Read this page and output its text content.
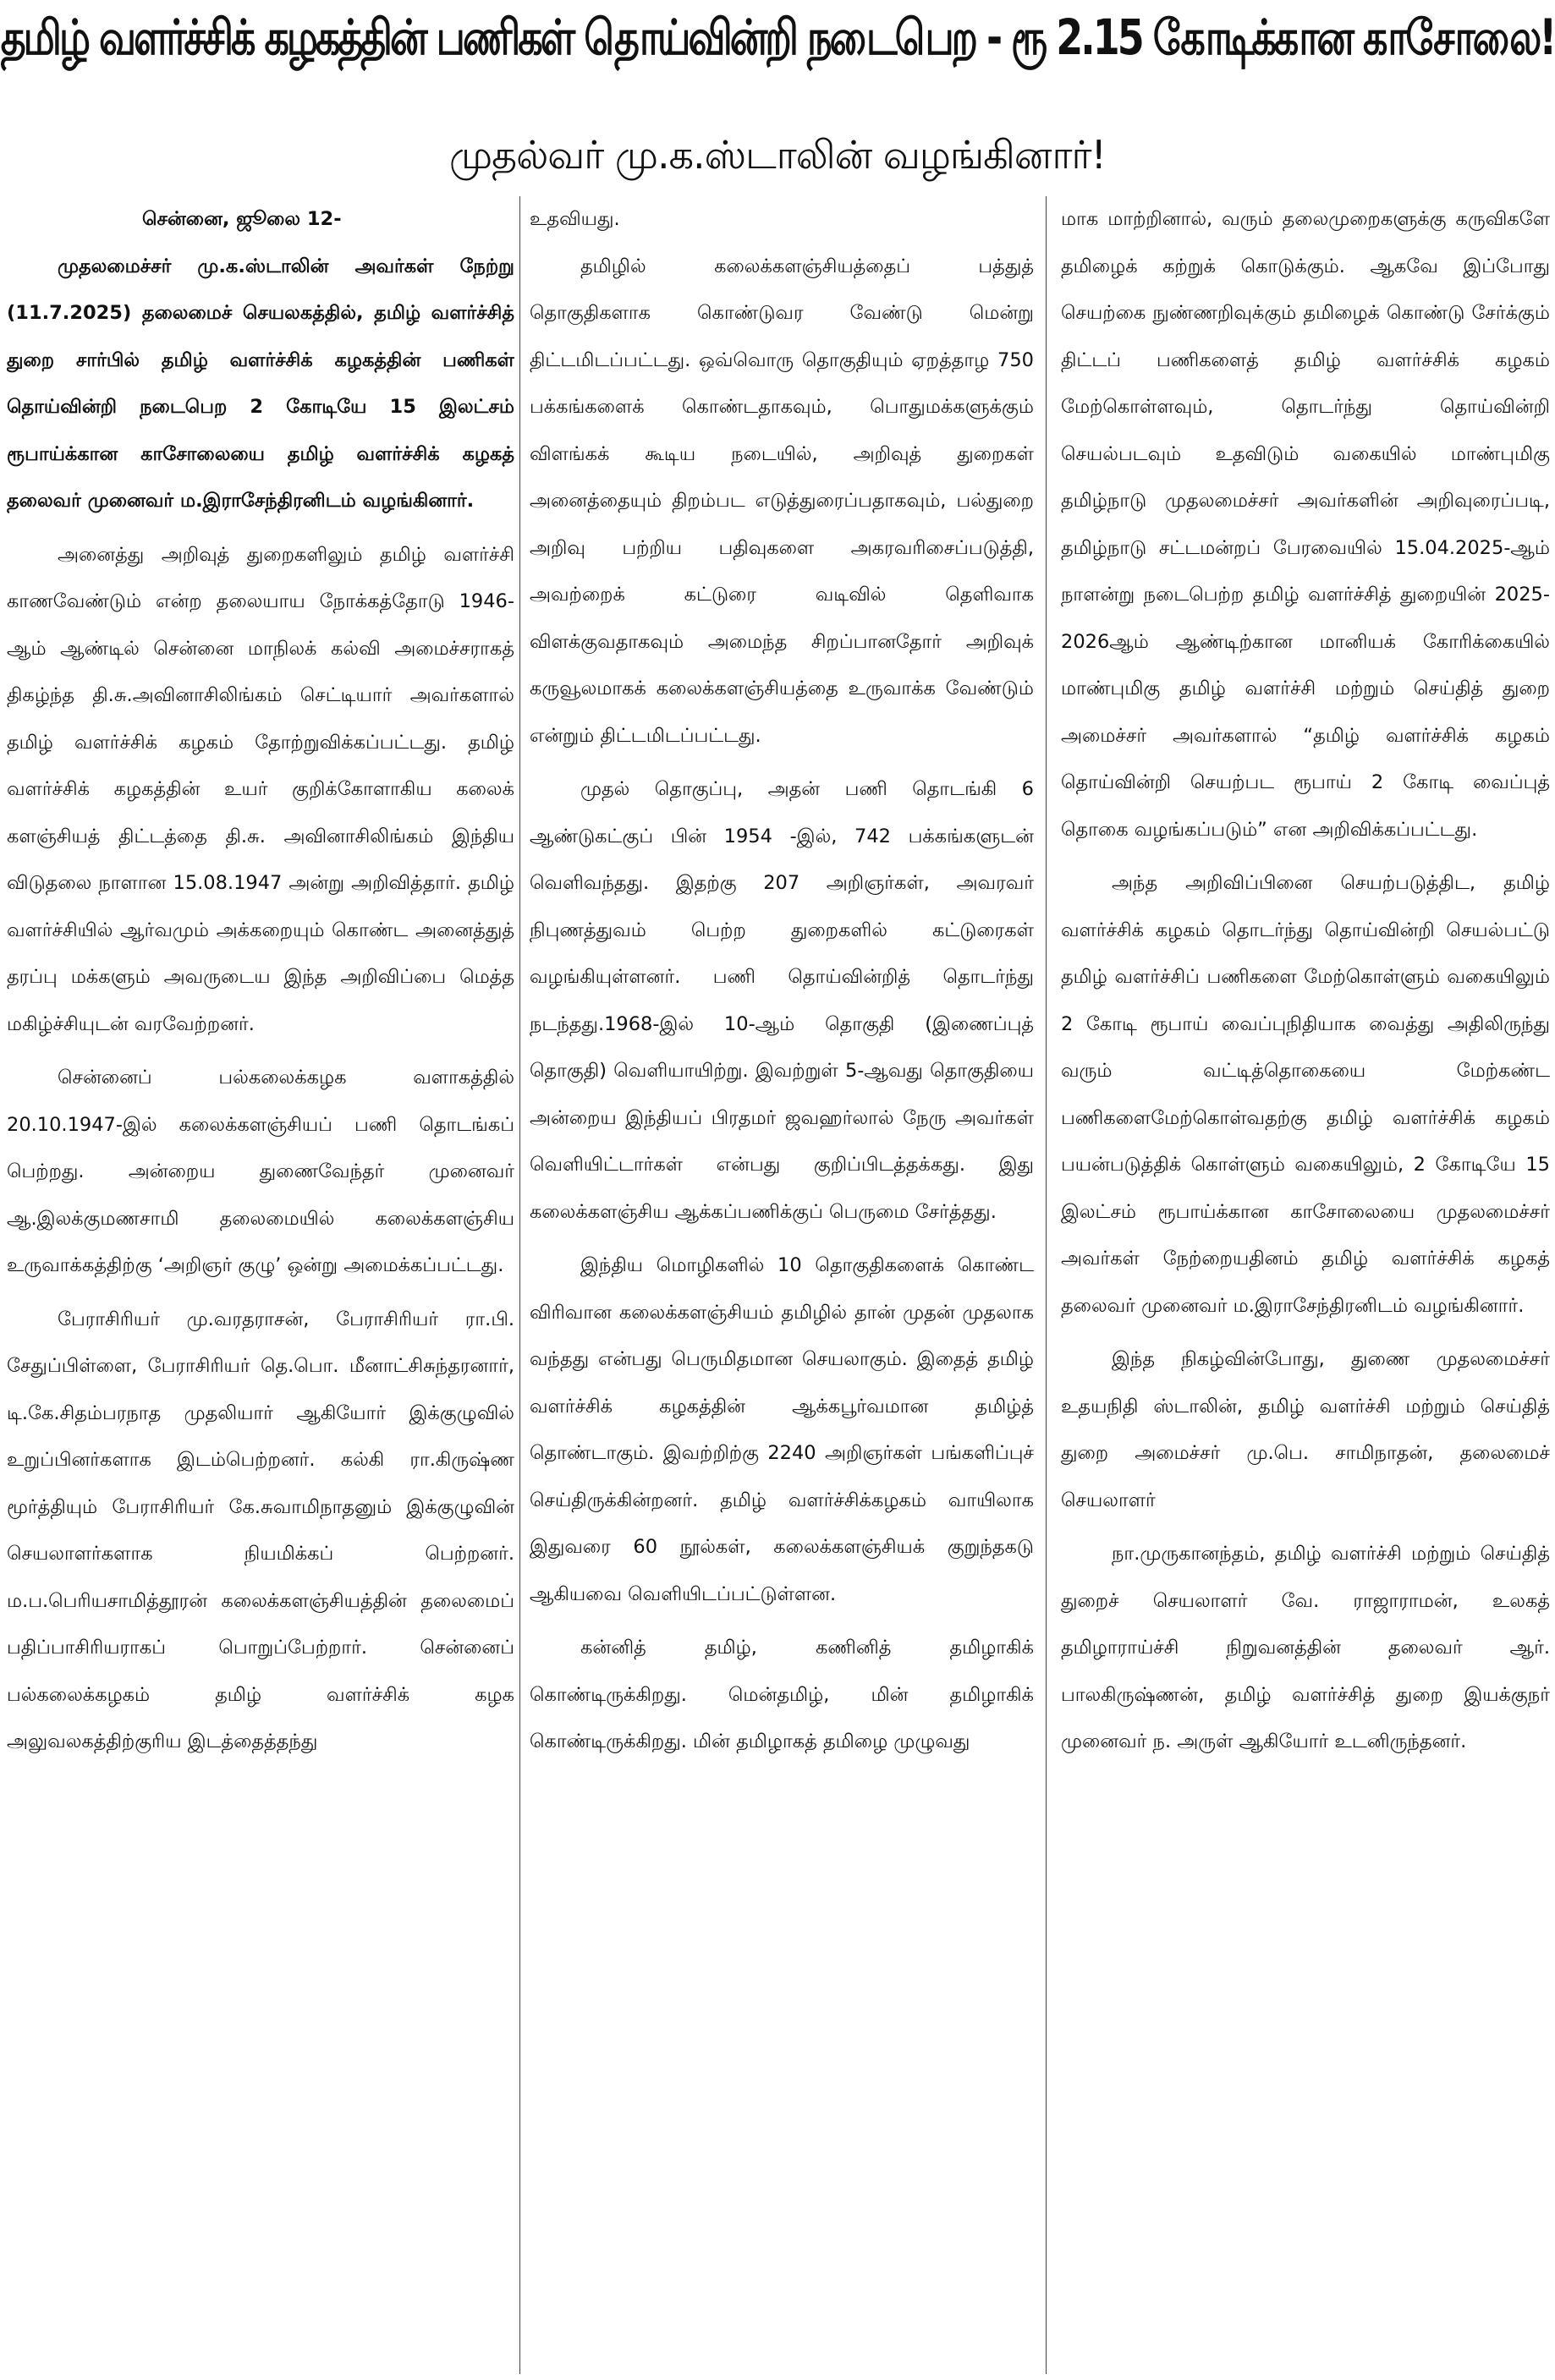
தமிழ் வளர்ச்சிக் கழகத்தின் பணிகள் தொய்வின்றி நடைபெற - ரூ 2.15 கோடிக்கான காசோலை!
முதல்வர் மு.க.ஸ்டாலின் வழங்கினார்!

சென்னை, ஜூலை 12-

முதலமைச்சர் மு.க.ஸ்டாலின் அவர்கள் நேற்று (11.7.2025) தலைமைச் செயலகத்தில், தமிழ் வளர்ச்சித் துறை சார்பில் தமிழ் வளர்ச்சிக் கழகத்தின் பணிகள் தொய்வின்றி நடைபெற 2 கோடியே 15 இலட்சம் ரூபாய்க்கான காசோலையை தமிழ் வளர்ச்சிக் கழகத் தலைவர் முனைவர் ம.இராசேந்திரனிடம் வழங்கினார்.

அனைத்து அறிவுத் துறைகளிலும் தமிழ் வளர்ச்சி காணவேண்டும் என்ற தலையாய நோக்கத்தோடு 1946-ஆம் ஆண்டில் சென்னை மாநிலக் கல்வி அமைச்சராகத் திகழ்ந்த தி.சு.அவினாசிலிங்கம் செட்டியார் அவர்களால் தமிழ் வளர்ச்சிக் கழகம் தோற்றுவிக்கப்பட்டது. தமிழ் வளர்ச்சிக் கழகத்தின் உயர் குறிக்கோளாகிய கலைக் களஞ்சியத் திட்டத்தை தி.சு. அவினாசிலிங்கம் இந்திய விடுதலை நாளான 15.08.1947 அன்று அறிவித்தார். தமிழ் வளர்ச்சியில் ஆர்வமும் அக்கறையும் கொண்ட அனைத்துத் தரப்பு மக்களும் அவருடைய இந்த அறிவிப்பை மெத்த மகிழ்ச்சியுடன் வரவேற்றனர்.

சென்னைப் பல்கலைக்கழக வளாகத்தில் 20.10.1947-இல் கலைக்களஞ்சியப் பணி தொடங்கப் பெற்றது. அன்றைய துணைவேந்தர் முனைவர் ஆ.இலக்குமணசாமி தலைமையில் கலைக்களஞ்சிய உருவாக்கத்திற்கு ‘அறிஞர் குழு’ ஒன்று அமைக்கப்பட்டது.

பேராசிரியர் மு.வரதராசன், பேராசிரியர் ரா.பி. சேதுப்பிள்ளை, பேராசிரியர் தெ.பொ. மீனாட்சிசுந்தரனார், டி.கே.சிதம்பரநாத முதலியார் ஆகியோர் இக்குழுவில் உறுப்பினர்களாக இடம்பெற்றனர். கல்கி ரா.கிருஷ்ண மூர்த்தியும் பேராசிரியர் கே.சுவாமிநாதனும் இக்குழுவின் செயலாளர்களாக நியமிக்கப் பெற்றனர். ம.ப.பெரியசாமித்தூரன் கலைக்களஞ்சியத்தின் தலைமைப் பதிப்பாசிரியராகப் பொறுப்பேற்றார். சென்னைப் பல்கலைக்கழகம் தமிழ் வளர்ச்சிக் கழக அலுவலகத்திற்குரிய இடத்தைத்தந்து

உதவியது.

தமிழில் கலைக்களஞ்சியத்தைப் பத்துத் தொகுதிகளாக கொண்டுவர வேண்டு மென்று திட்டமிடப்பட்டது. ஒவ்வொரு தொகுதியும் ஏறத்தாழ 750 பக்கங்களைக் கொண்டதாகவும், பொதுமக்களுக்கும் விளங்கக் கூடிய நடையில், அறிவுத் துறைகள் அனைத்தையும் திறம்பட எடுத்துரைப்பதாகவும், பல்துறை அறிவு பற்றிய பதிவுகளை அகரவரிசைப்படுத்தி, அவற்றைக் கட்டுரை வடிவில் தெளிவாக விளக்குவதாகவும் அமைந்த சிறப்பானதோர் அறிவுக் கருவூலமாகக் கலைக்களஞ்சியத்தை உருவாக்க வேண்டும் என்றும் திட்டமிடப்பட்டது.

முதல் தொகுப்பு, அதன் பணி தொடங்கி 6 ஆண்டுகட்குப் பின் 1954 -இல், 742 பக்கங்களுடன் வெளிவந்தது. இதற்கு 207 அறிஞர்கள், அவரவர் நிபுணத்துவம் பெற்ற துறைகளில் கட்டுரைகள் வழங்கியுள்ளனர். பணி தொய்வின்றித் தொடர்ந்து நடந்தது.1968-இல் 10-ஆம் தொகுதி (இணைப்புத் தொகுதி) வெளியாயிற்று. இவற்றுள் 5-ஆவது தொகுதியை அன்றைய இந்தியப் பிரதமர் ஜவஹர்லால் நேரு அவர்கள் வெளியிட்டார்கள் என்பது குறிப்பிடத்தக்கது. இது கலைக்களஞ்சிய ஆக்கப்பணிக்குப் பெருமை சேர்த்தது.

இந்திய மொழிகளில் 10 தொகுதிகளைக் கொண்ட விரிவான கலைக்களஞ்சியம் தமிழில் தான் முதன் முதலாக வந்தது என்பது பெருமிதமான செயலாகும். இதைத் தமிழ் வளர்ச்சிக் கழகத்தின் ஆக்கபூர்வமான தமிழ்த் தொண்டாகும். இவற்றிற்கு 2240 அறிஞர்கள் பங்களிப்புச் செய்திருக்கின்றனர். தமிழ் வளர்ச்சிக்கழகம் வாயிலாக இதுவரை 60 நூல்கள், கலைக்களஞ்சியக் குறுந்தகடு ஆகியவை வெளியிடப்பட்டுள்ளன.

கன்னித் தமிழ், கணினித் தமிழாகிக் கொண்டிருக்கிறது. மென்தமிழ், மின் தமிழாகிக் கொண்டிருக்கிறது. மின் தமிழாகத் தமிழை முழுவது

மாக மாற்றினால், வரும் தலைமுறைகளுக்கு கருவிகளே தமிழைக் கற்றுக் கொடுக்கும். ஆகவே இப்போது செயற்கை நுண்ணறிவுக்கும் தமிழைக் கொண்டு சேர்க்கும் திட்டப் பணிகளைத் தமிழ் வளர்ச்சிக் கழகம் மேற்கொள்ளவும், தொடர்ந்து தொய்வின்றி செயல்படவும் உதவிடும் வகையில் மாண்புமிகு தமிழ்நாடு முதலமைச்சர் அவர்களின் அறிவுரைப்படி, தமிழ்நாடு சட்டமன்றப் பேரவையில் 15.04.2025-ஆம் நாளன்று நடைபெற்ற தமிழ் வளர்ச்சித் துறையின் 2025-2026ஆம் ஆண்டிற்கான மானியக் கோரிக்கையில் மாண்புமிகு தமிழ் வளர்ச்சி மற்றும் செய்தித் துறை அமைச்சர் அவர்களால் “தமிழ் வளர்ச்சிக் கழகம் தொய்வின்றி செயற்பட ரூபாய் 2 கோடி வைப்புத் தொகை வழங்கப்படும்” என அறிவிக்கப்பட்டது.

அந்த அறிவிப்பினை செயற்படுத்திட, தமிழ் வளர்ச்சிக் கழகம் தொடர்ந்து தொய்வின்றி செயல்பட்டு தமிழ் வளர்ச்சிப் பணிகளை மேற்கொள்ளும் வகையிலும் 2 கோடி ரூபாய் வைப்புநிதியாக வைத்து அதிலிருந்து வரும் வட்டித்தொகையை மேற்கண்ட பணிகளைமேற்கொள்வதற்கு தமிழ் வளர்ச்சிக் கழகம் பயன்படுத்திக் கொள்ளும் வகையிலும், 2 கோடியே 15 இலட்சம் ரூபாய்க்கான காசோலையை முதலமைச்சர் அவர்கள் நேற்றையதினம் தமிழ் வளர்ச்சிக் கழகத் தலைவர் முனைவர் ம.இராசேந்திரனிடம் வழங்கினார்.

இந்த நிகழ்வின்போது, துணை முதலமைச்சர் உதயநிதி ஸ்டாலின், தமிழ் வளர்ச்சி மற்றும் செய்தித் துறை அமைச்சர் மு.பெ. சாமிநாதன், தலைமைச் செயலாளர்

நா.முருகானந்தம், தமிழ் வளர்ச்சி மற்றும் செய்தித் துறைச் செயலாளர் வே. ராஜாராமன், உலகத் தமிழாராய்ச்சி நிறுவனத்தின் தலைவர் ஆர். பாலகிருஷ்ணன், தமிழ் வளர்ச்சித் துறை இயக்குநர் முனைவர் ந. அருள் ஆகியோர் உடனிருந்தனர்.
